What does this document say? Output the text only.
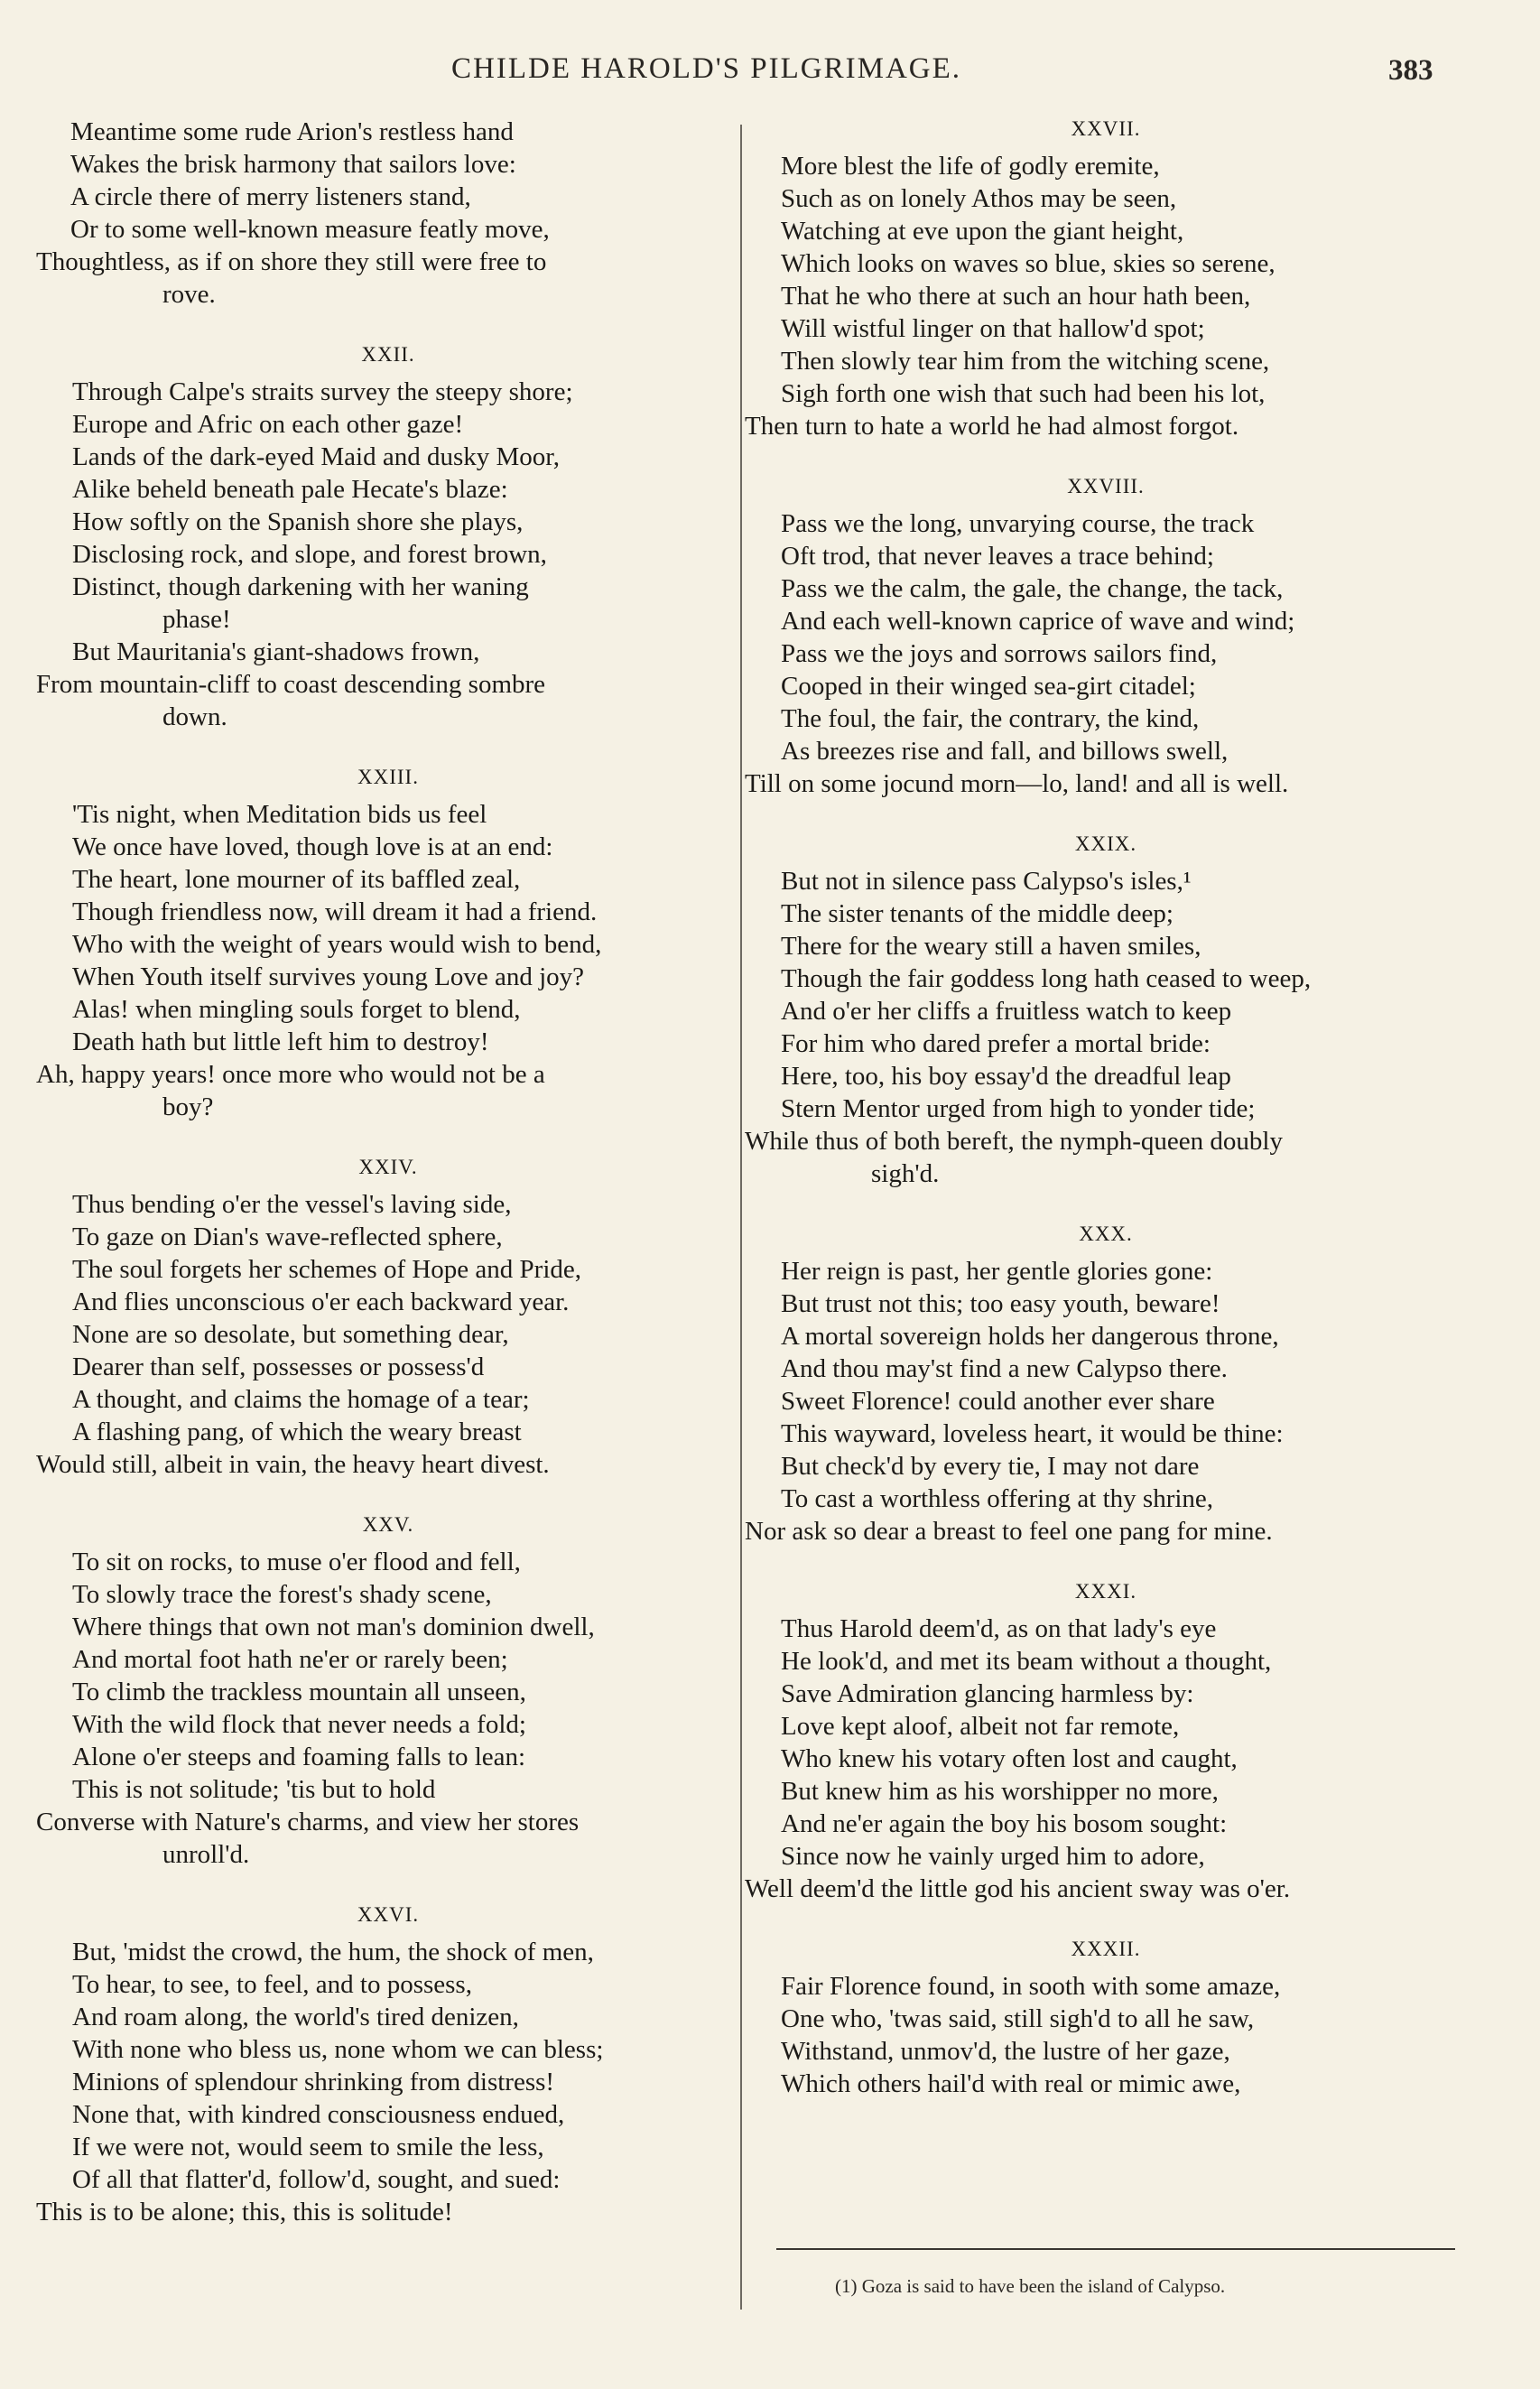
CHILDE HAROLD'S PILGRIMAGE.	383
Meantime some rude Arion's restless hand
Wakes the brisk harmony that sailors love:
A circle there of merry listeners stand,
Or to some well-known measure featly move,
Thoughtless, as if on shore they still were free to
rove.
XXII.
Through Calpe's straits survey the steepy shore;
Europe and Afric on each other gaze!
Lands of the dark-eyed Maid and dusky Moor,
Alike beheld beneath pale Hecate's blaze:
How softly on the Spanish shore she plays,
Disclosing rock, and slope, and forest brown,
Distinct, though darkening with her waning
phase!
But Mauritania's giant-shadows frown,
From mountain-cliff to coast descending sombre
down.
XXIII.
'Tis night, when Meditation bids us feel
We once have loved, though love is at an end:
The heart, lone mourner of its baffled zeal,
Though friendless now, will dream it had a friend.
Who with the weight of years would wish to bend,
When Youth itself survives young Love and joy?
Alas! when mingling souls forget to blend,
Death hath but little left him to destroy!
Ah, happy years! once more who would not be a
boy?
XXIV.
Thus bending o'er the vessel's laving side,
To gaze on Dian's wave-reflected sphere,
The soul forgets her schemes of Hope and Pride,
And flies unconscious o'er each backward year.
None are so desolate, but something dear,
Dearer than self, possesses or possess'd
A thought, and claims the homage of a tear;
A flashing pang, of which the weary breast
Would still, albeit in vain, the heavy heart divest.
XXV.
To sit on rocks, to muse o'er flood and fell,
To slowly trace the forest's shady scene,
Where things that own not man's dominion dwell,
And mortal foot hath ne'er or rarely been;
To climb the trackless mountain all unseen,
With the wild flock that never needs a fold;
Alone o'er steeps and foaming falls to lean:
This is not solitude; 'tis but to hold
Converse with Nature's charms, and view her stores
unroll'd.
XXVI.
But, 'midst the crowd, the hum, the shock of men,
To hear, to see, to feel, and to possess,
And roam along, the world's tired denizen,
With none who bless us, none whom we can bless;
Minions of splendour shrinking from distress!
None that, with kindred consciousness endued,
If we were not, would seem to smile the less,
Of all that flatter'd, follow'd, sought, and sued:
This is to be alone; this, this is solitude!
XXVII.
More blest the life of godly eremite,
Such as on lonely Athos may be seen,
Watching at eve upon the giant height,
Which looks on waves so blue, skies so serene,
That he who there at such an hour hath been,
Will wistful linger on that hallow'd spot;
Then slowly tear him from the witching scene,
Sigh forth one wish that such had been his lot,
Then turn to hate a world he had almost forgot.
XXVIII.
Pass we the long, unvarying course, the track
Oft trod, that never leaves a trace behind;
Pass we the calm, the gale, the change, the tack,
And each well-known caprice of wave and wind;
Pass we the joys and sorrows sailors find,
Cooped in their winged sea-girt citadel;
The foul, the fair, the contrary, the kind,
As breezes rise and fall, and billows swell,
Till on some jocund morn—lo, land! and all is well.
XXIX.
But not in silence pass Calypso's isles,¹
The sister tenants of the middle deep;
There for the weary still a haven smiles,
Though the fair goddess long hath ceased to weep,
And o'er her cliffs a fruitless watch to keep
For him who dared prefer a mortal bride:
Here, too, his boy essay'd the dreadful leap
Stern Mentor urged from high to yonder tide;
While thus of both bereft, the nymph-queen doubly
sigh'd.
XXX.
Her reign is past, her gentle glories gone:
But trust not this; too easy youth, beware!
A mortal sovereign holds her dangerous throne,
And thou may'st find a new Calypso there.
Sweet Florence! could another ever share
This wayward, loveless heart, it would be thine:
But check'd by every tie, I may not dare
To cast a worthless offering at thy shrine,
Nor ask so dear a breast to feel one pang for mine.
XXXI.
Thus Harold deem'd, as on that lady's eye
He look'd, and met its beam without a thought,
Save Admiration glancing harmless by:
Love kept aloof, albeit not far remote,
Who knew his votary often lost and caught,
But knew him as his worshipper no more,
And ne'er again the boy his bosom sought:
Since now he vainly urged him to adore,
Well deem'd the little god his ancient sway was o'er.
XXXII.
Fair Florence found, in sooth with some amaze,
One who, 'twas said, still sigh'd to all he saw,
Withstand, unmov'd, the lustre of her gaze,
Which others hail'd with real or mimic awe,
(1) Goza is said to have been the island of Calypso.
